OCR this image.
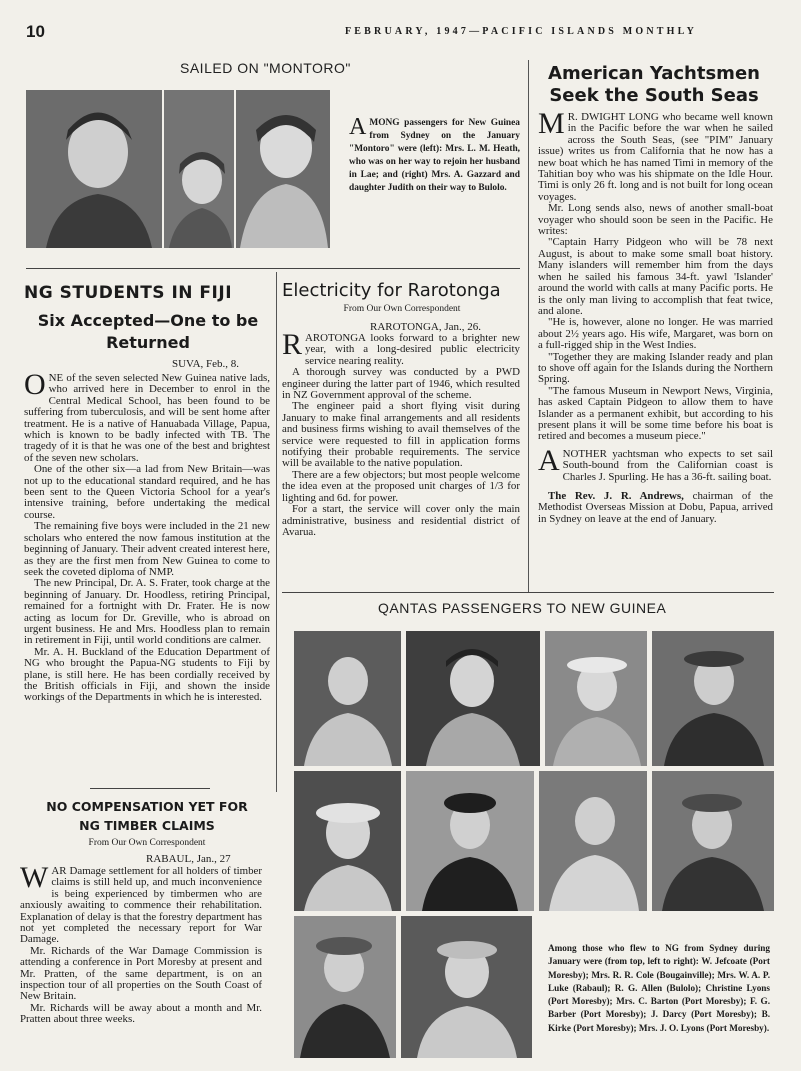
10	FEBRUARY, 1947—PACIFIC ISLANDS MONTHLY
SAILED ON "MONTORO"

AMONG passengers for New Guinea from Sydney on the January "Montoro" were (left): Mrs. L. M. Heath, who was on her way to rejoin her husband in Lae; and (right) Mrs. A. Gazzard and daughter Judith on their way to Bulolo.

American Yachtsmen
Seek the South Seas

M R. DWIGHT LONG who became well known in the Pacific before the war when he sailed across the South Seas, (see "PIM" January issue) writes us from California that he now has a new boat which he has named Timi in memory of the Tahitian boy who was his shipmate on the Idle Hour. Timi is only 26 ft. long and is not built for long ocean voyages.

Mr. Long sends also, news of another small-boat voyager who should soon be seen in the Pacific. He writes:

"Captain Harry Pidgeon who will be 78 next August, is about to make some small boat history. Many islanders will remember him from the days when he sailed his famous 34-ft. yawl 'Islander' around the world with calls at many Pacific ports. He is the only man living to accomplish that feat twice, and alone.

"He is, however, alone no longer. He was married about 2½ years ago. His wife, Margaret, was born on a full-rigged ship in the West Indies.

"Together they are making Islander ready and plan to shove off again for the Islands during the Northern Spring.

"The famous Museum in Newport News, Virginia, has asked Captain Pidgeon to allow them to have Islander as a permanent exhibit, but according to his present plans it will be some time before his boat is retired and becomes a museum piece."

ANOTHER yachtsman who expects to set sail South-bound from the Californian coast is Charles J. Spurling. He has a 36-ft. sailing boat.

The Rev. J. R. Andrews, chairman of the Methodist Overseas Mission at Dobu, Papua, arrived in Sydney on leave at the end of January.

NG STUDENTS IN FIJI
Six Accepted—One to be Returned
SUVA, Feb., 8.

ONE of the seven selected New Guinea native lads, who arrived here in December to enrol in the Central Medical School, has been found to be suffering from tuberculosis, and will be sent home after treatment. He is a native of Hanuabada Village, Papua, which is known to be badly infected with TB. The tragedy of it is that he was one of the best and brightest of the seven new scholars.

One of the other six—a lad from New Britain—was not up to the educational standard required, and he has been sent to the Queen Victoria School for a year's intensive training, before undertaking the medical course.

The remaining five boys were included in the 21 new scholars who entered the now famous institution at the beginning of January. Their advent created interest here, as they are the first men from New Guinea to come to seek the coveted diploma of NMP.

The new Principal, Dr. A. S. Frater, took charge at the beginning of January. Dr. Hoodless, retiring Principal, remained for a fortnight with Dr. Frater. He is now acting as locum for Dr. Greville, who is abroad on urgent business. He and Mrs. Hoodless plan to remain in retirement in Fiji, until world conditions are calmer.

Mr. A. H. Buckland of the Education Department of NG who brought the Papua-NG students to Fiji by plane, is still here. He has been cordially received by the British officials in Fiji, and shown the inside workings of the Departments in which he is interested.

NO COMPENSATION YET FOR
NG TIMBER CLAIMS
From Our Own Correspondent
RABAUL, Jan., 27

WAR Damage settlement for all holders of timber claims is still held up, and much inconvenience is being experienced by timbermen who are anxiously awaiting to commence their rehabilitation. Explanation of delay is that the forestry department has not yet completed the necessary report for War Damage.

Mr. Richards of the War Damage Commission is attending a conference in Port Moresby at present and Mr. Pratten, of the same department, is on an inspection tour of all properties on the South Coast of New Britain.

Mr. Richards will be away about a month and Mr. Pratten about three weeks.

Electricity for Rarotonga
From Our Own Correspondent
RAROTONGA, Jan., 26.

RAROTONGA looks forward to a brighter new year, with a long-desired public electricity service nearing reality.

A thorough survey was conducted by a PWD engineer during the latter part of 1946, which resulted in NZ Government approval of the scheme.

The engineer paid a short flying visit during January to make final arrangements and all residents and business firms wishing to avail themselves of the service were requested to fill in application forms notifying their probable requirements. The service will be available to the native population.

There are a few objectors; but most people welcome the idea even at the proposed unit charges of 1/3 for lighting and 6d. for power.

For a start, the service will cover only the main administrative, business and residential district of Avarua.

QANTAS PASSENGERS TO NEW GUINEA

Among those who flew to NG from Sydney during January were (from top, left to right): W. Jefcoate (Port Moresby); Mrs. R. R. Cole (Bougainville); Mrs. W. A. P. Luke (Rabaul); R. G. Allen (Bulolo); Christine Lyons (Port Moresby); Mrs. C. Barton (Port Moresby); F. G. Barber (Port Moresby); J. Darcy (Port Moresby); B. Kirke (Port Moresby); Mrs. J. O. Lyons (Port Moresby).
